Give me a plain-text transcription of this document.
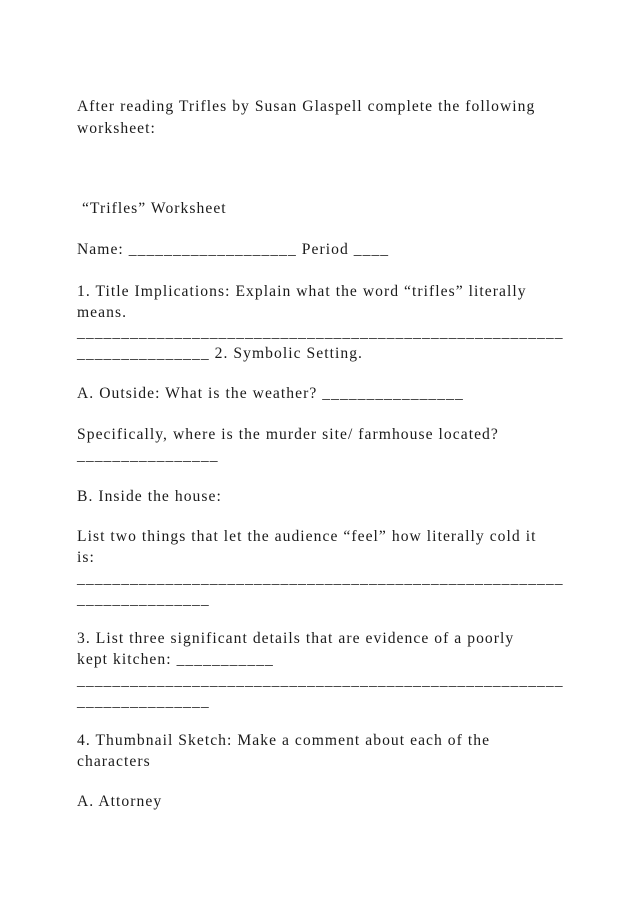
After reading Trifles by Susan Glaspell complete the following

worksheet:

“Trifles” Worksheet

Name: ___________________ Period ____

1. Title Implications: Explain what the word “trifles” literally

means.

_______________________________________________________

_______________ 2. Symbolic Setting.

A. Outside: What is the weather? ________________

Specifically, where is the murder site/ farmhouse located?

________________

B. Inside the house:

List two things that let the audience “feel” how literally cold it

is:

_______________________________________________________

_______________

3. List three significant details that are evidence of a poorly

kept kitchen: ___________

_______________________________________________________

_______________

4. Thumbnail Sketch: Make a comment about each of the

characters

A. Attorney
